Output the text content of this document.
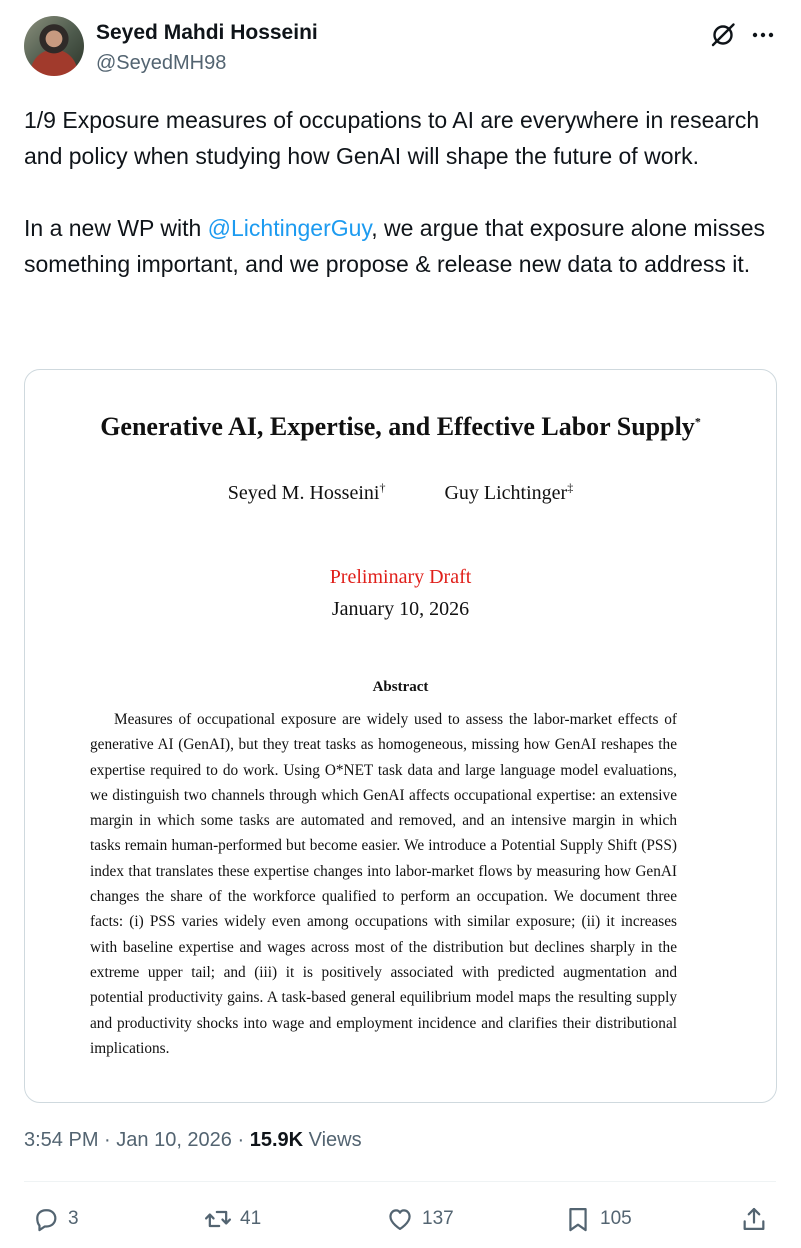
Seyed Mahdi Hosseini
@SeyedMH98

1/9 Exposure measures of occupations to AI are everywhere in research and policy when studying how GenAI will shape the future of work.

In a new WP with @LichtingerGuy, we argue that exposure alone misses something important, and we propose & release new data to address it.

Generative AI, Expertise, and Effective Labor Supply*
Seyed M. Hosseini†	Guy Lichtinger‡
Preliminary Draft
January 10, 2026
Abstract

Measures of occupational exposure are widely used to assess the labor-market effects of generative AI (GenAI), but they treat tasks as homogeneous, missing how GenAI reshapes the expertise required to do work. Using O*NET task data and large language model evaluations, we distinguish two channels through which GenAI affects occupational expertise: an extensive margin in which some tasks are automated and removed, and an intensive margin in which tasks remain human-performed but become easier. We introduce a Potential Supply Shift (PSS) index that translates these expertise changes into labor-market flows by measuring how GenAI changes the share of the workforce qualified to perform an occupation. We document three facts: (i) PSS varies widely even among occupations with similar exposure; (ii) it increases with baseline expertise and wages across most of the distribution but declines sharply in the extreme upper tail; and (iii) it is positively associated with predicted augmentation and potential productivity gains. A task-based general equilibrium model maps the resulting supply and productivity shocks into wage and employment incidence and clarifies their distributional implications.

3:54 PM · Jan 10, 2026 · 15.9K Views
3	41	137	105
